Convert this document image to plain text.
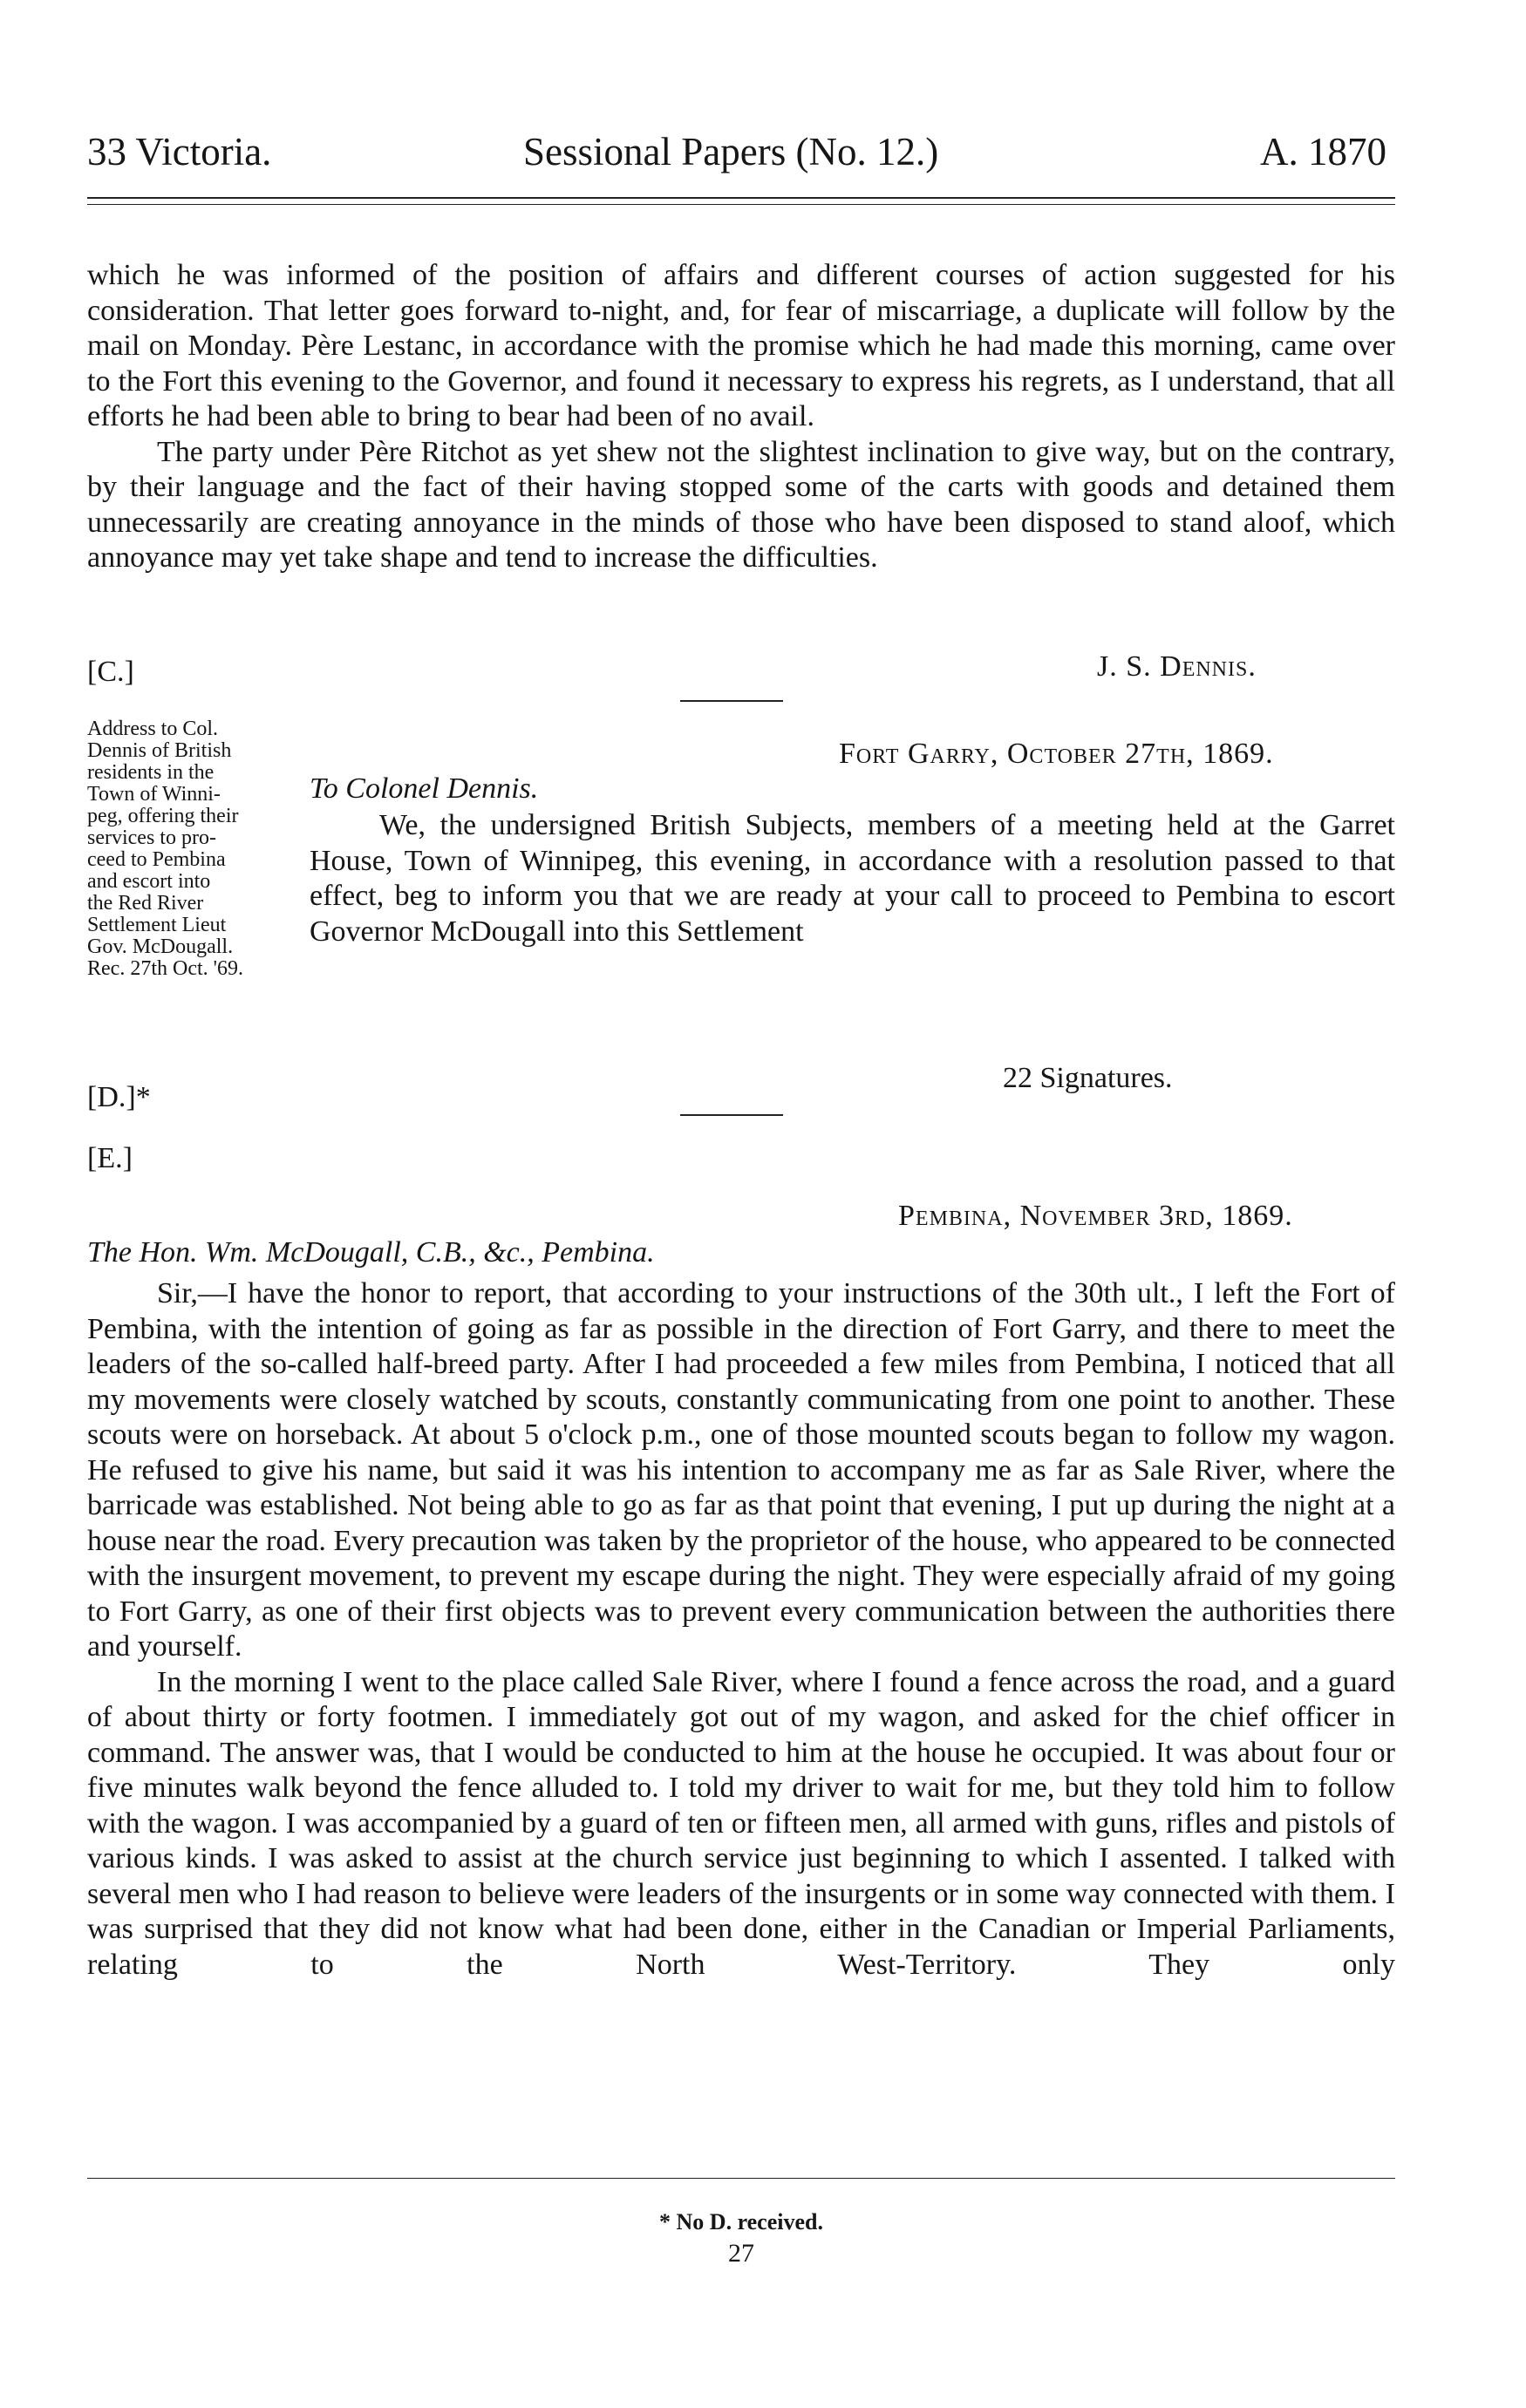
33 Victoria.	Sessional Papers (No. 12.)	A. 1870

which he was informed of the position of affairs and different courses of action suggested for his consideration. That letter goes forward to-night, and, for fear of miscarriage, a duplicate will follow by the mail on Monday. Père Lestanc, in accordance with the promise which he had made this morning, came over to the Fort this evening to the Governor, and found it necessary to express his regrets, as I understand, that all efforts he had been able to bring to bear had been of no avail.

The party under Père Ritchot as yet shew not the slightest inclination to give way, but on the contrary, by their language and the fact of their having stopped some of the carts with goods and detained them unnecessarily are creating annoyance in the minds of those who have been disposed to stand aloof, which annoyance may yet take shape and tend to increase the difficulties.

J. S. Dennis.
[C.]
Address to Col.
Dennis of British
residents in the
Town of Winni-
peg, offering their
services to pro-
ceed to Pembina
and escort into
the Red River
Settlement Lieut
Gov. McDougall.
Rec. 27th Oct. '69.
Fort Garry, October 27th, 1869.
To Colonel Dennis.

We, the undersigned British Subjects, members of a meeting held at the Garret House, Town of Winnipeg, this evening, in accordance with a resolution passed to that effect, beg to inform you that we are ready at your call to proceed to Pembina to escort Governor McDougall into this Settlement

22 Signatures.
[D.]*
[E.]
Pembina, November 3rd, 1869.
The Hon. Wm. McDougall, C.B., &c., Pembina.

Sir,—I have the honor to report, that according to your instructions of the 30th ult., I left the Fort of Pembina, with the intention of going as far as possible in the direction of Fort Garry, and there to meet the leaders of the so-called half-breed party. After I had proceeded a few miles from Pembina, I noticed that all my movements were closely watched by scouts, constantly communicating from one point to another. These scouts were on horseback. At about 5 o'clock p.m., one of those mounted scouts began to follow my wagon. He refused to give his name, but said it was his intention to accompany me as far as Sale River, where the barricade was established. Not being able to go as far as that point that evening, I put up during the night at a house near the road. Every precaution was taken by the proprietor of the house, who appeared to be connected with the insurgent movement, to prevent my escape during the night. They were especially afraid of my going to Fort Garry, as one of their first objects was to prevent every communication between the authorities there and yourself.

In the morning I went to the place called Sale River, where I found a fence across the road, and a guard of about thirty or forty footmen. I immediately got out of my wagon, and asked for the chief officer in command. The answer was, that I would be conducted to him at the house he occupied. It was about four or five minutes walk beyond the fence alluded to. I told my driver to wait for me, but they told him to follow with the wagon. I was accompanied by a guard of ten or fifteen men, all armed with guns, rifles and pistols of various kinds. I was asked to assist at the church service just beginning to which I assented. I talked with several men who I had reason to believe were leaders of the insurgents or in some way connected with them. I was surprised that they did not know what had been done, either in the Canadian or Imperial Parliaments, relating to the North West-Territory. They only

* No D. received.
27
